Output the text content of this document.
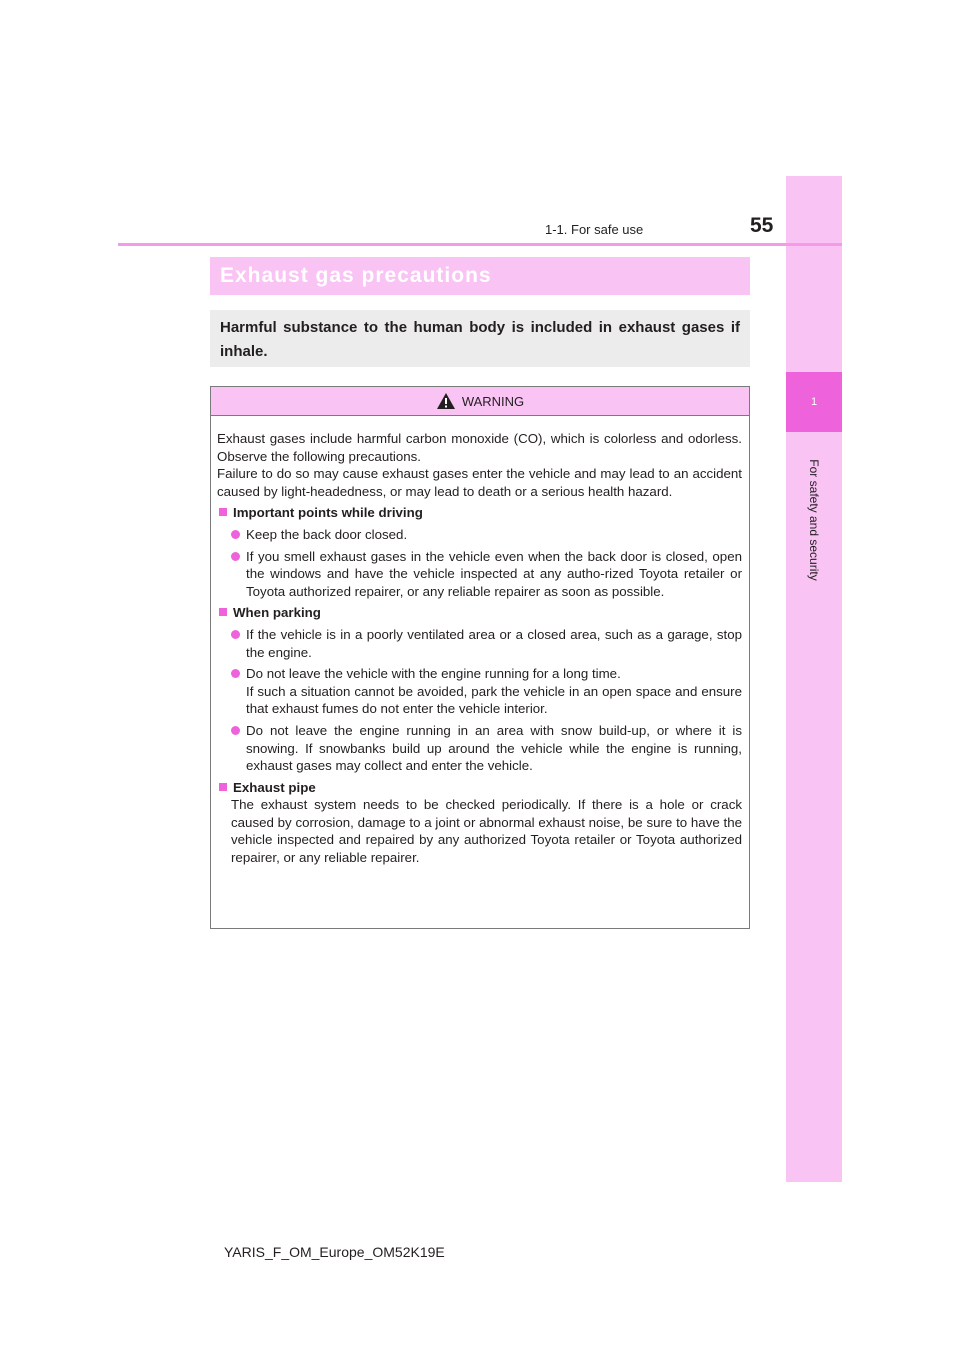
1
For safety and security
1-1. For safe use	55
Exhaust gas precautions
Harmful substance to the human body is included in exhaust gases if inhale.
WARNING

Exhaust gases include harmful carbon monoxide (CO), which is colorless and odorless. Observe the following precautions.

Failure to do so may cause exhaust gases enter the vehicle and may lead to an accident caused by light-headedness, or may lead to death or a serious health hazard.

Important points while driving
Keep the back door closed.
If you smell exhaust gases in the vehicle even when the back door is closed, open the windows and have the vehicle inspected at any autho-rized Toyota retailer or Toyota authorized repairer, or any reliable repairer as soon as possible.
When parking
If the vehicle is in a poorly ventilated area or a closed area, such as a garage, stop the engine.
Do not leave the vehicle with the engine running for a long time.
If such a situation cannot be avoided, park the vehicle in an open space and ensure that exhaust fumes do not enter the vehicle interior.
Do not leave the engine running in an area with snow build-up, or where it is snowing. If snowbanks build up around the vehicle while the engine is running, exhaust gases may collect and enter the vehicle.
Exhaust pipe

The exhaust system needs to be checked periodically. If there is a hole or crack caused by corrosion, damage to a joint or abnormal exhaust noise, be sure to have the vehicle inspected and repaired by any authorized Toyota retailer or Toyota authorized repairer, or any reliable repairer.

YARIS_F_OM_Europe_OM52K19E
